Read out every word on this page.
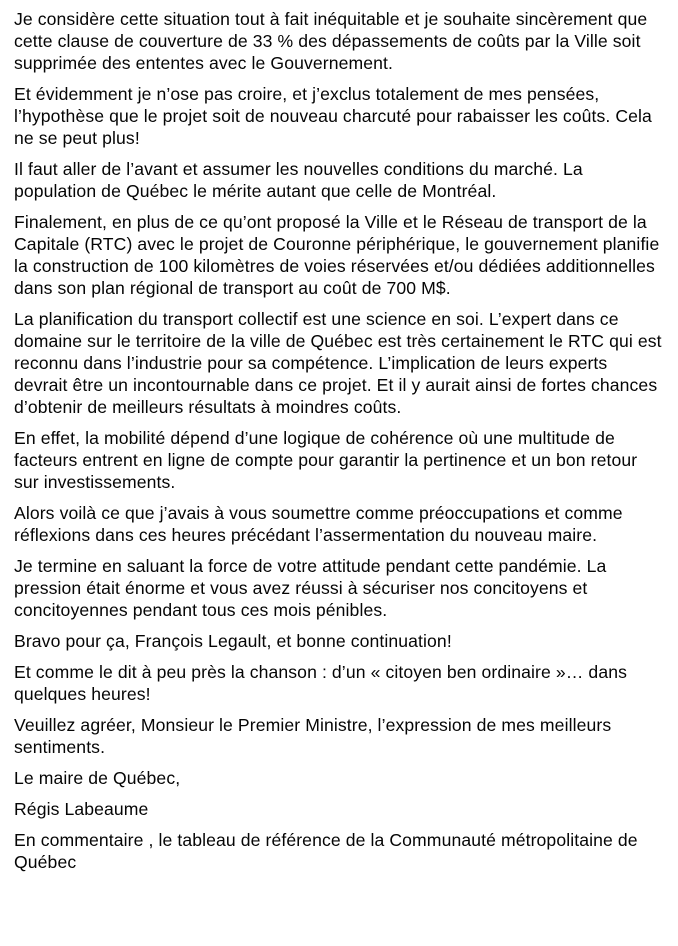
Je considère cette situation tout à fait inéquitable et je souhaite sincèrement que cette clause de couverture de 33 % des dépassements de coûts par la Ville soit supprimée des ententes avec le Gouvernement.

Et évidemment je n’ose pas croire, et j’exclus totalement de mes pensées, l’hypothèse que le projet soit de nouveau charcuté pour rabaisser les coûts. Cela ne se peut plus!

Il faut aller de l’avant et assumer les nouvelles conditions du marché. La population de Québec le mérite autant que celle de Montréal.

Finalement, en plus de ce qu’ont proposé la Ville et le Réseau de transport de la Capitale (RTC) avec le projet de Couronne périphérique, le gouvernement planifie la construction de 100 kilomètres de voies réservées et/ou dédiées additionnelles dans son plan régional de transport au coût de 700 M$.

La planification du transport collectif est une science en soi. L’expert dans ce domaine sur le territoire de la ville de Québec est très certainement le RTC qui est reconnu dans l’industrie pour sa compétence. L’implication de leurs experts devrait être un incontournable dans ce projet. Et il y aurait ainsi de fortes chances d’obtenir de meilleurs résultats à moindres coûts.

En effet, la mobilité dépend d’une logique de cohérence où une multitude de facteurs entrent en ligne de compte pour garantir la pertinence et un bon retour sur investissements.

Alors voilà ce que j’avais à vous soumettre comme préoccupations et comme réflexions dans ces heures précédant l’assermentation du nouveau maire.

Je termine en saluant la force de votre attitude pendant cette pandémie. La pression était énorme et vous avez réussi à sécuriser nos concitoyens et concitoyennes pendant tous ces mois pénibles.

Bravo pour ça, François Legault, et bonne continuation!

Et comme le dit à peu près la chanson : d’un « citoyen ben ordinaire »… dans quelques heures!

Veuillez agréer, Monsieur le Premier Ministre, l’expression de mes meilleurs sentiments.

Le maire de Québec,

Régis Labeaume

En commentaire , le tableau de référence de la Communauté métropolitaine de Québec
